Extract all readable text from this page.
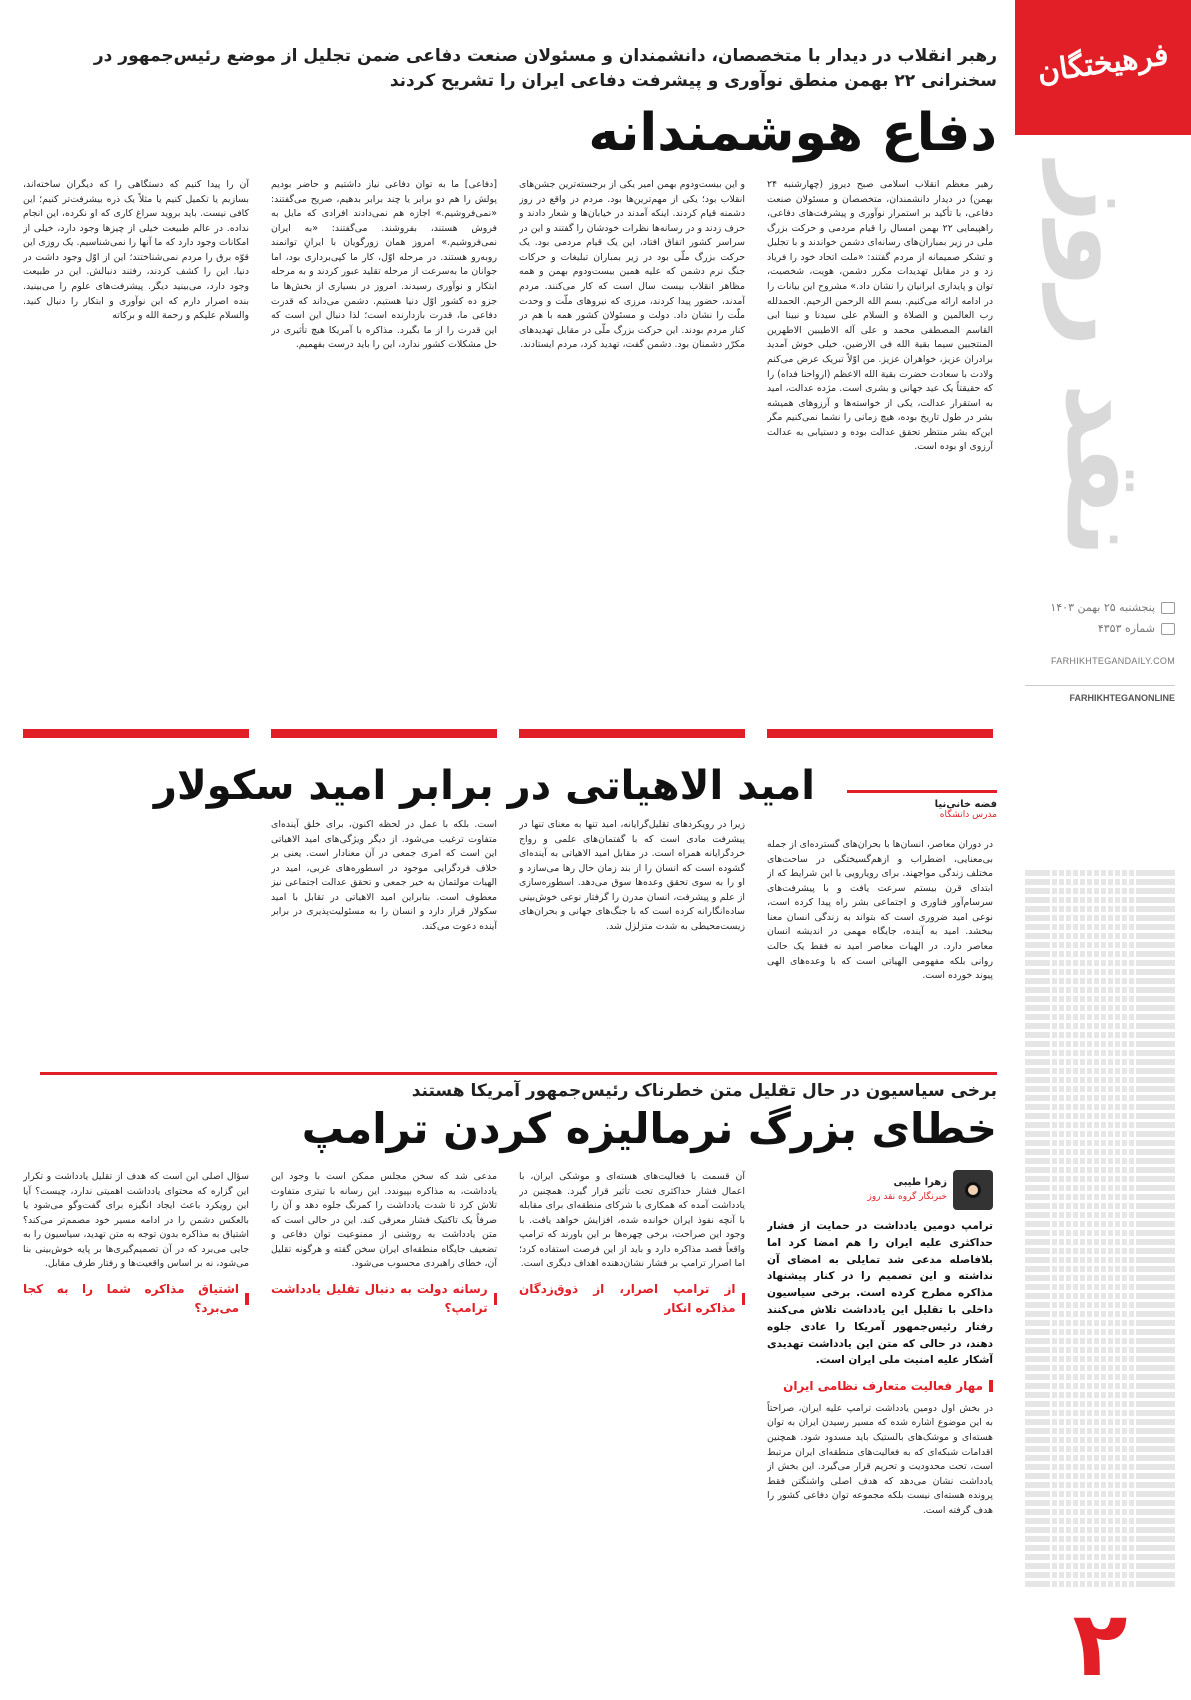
فرهیختگان
نقد روز
پنجشنبه ۲۵ بهمن ۱۴۰۳
شماره ۴۳۵۳
FARHIKHTEGANDAILY.COM
FARHIKHTEGANONLINE
۲
رهبر انقلاب در دیدار با متخصصان، دانشمندان و مسئولان صنعت دفاعی ضمن تجلیل از موضع رئیس‌جمهور در سخنرانی ۲۲ بهمن منطق نوآوری و پیشرفت دفاعی ایران را تشریح کردند
دفاع هوشمندانه

رهبر معظم انقلاب اسلامی صبح دیروز (چهارشنبه ۲۴ بهمن) در دیدار دانشمندان، متخصصان و مسئولان صنعت دفاعی، با تأکید بر استمرار نوآوری و پیشرفت‌های دفاعی، راهپیمایی ۲۲ بهمن امسال را قیام مردمی و حرکت بزرگ ملی در زیر بمباران‌های رسانه‌ای دشمن خواندند و با تجلیل و تشکر صمیمانه از مردم گفتند: «ملت اتحاد خود را فریاد زد و در مقابل تهدیدات مکرر دشمن، هویت، شخصیت، توان و پایداری ایرانیان را نشان داد.» مشروح این بیانات را در ادامه ارائه می‌کنیم. بسم الله الرحمن الرحیم. الحمدلله رب العالمین و الصلاة و السلام علی سیدنا و نبینا ابی القاسم المصطفی محمد و علی آله الاطیبین الاطهرین المنتجبین سیما بقیة الله فی الارضین. خیلی خوش آمدید برادران عزیز، خواهران عزیز. من اوّلاً تبریک عرض می‌کنم ولادت با سعادت حضرت بقیة الله الاعظم (ارواحنا فداه) را که حقیقتاً یک عید جهانی و بشری است. مژده عدالت، امید به استقرار عدالت، یکی از خواسته‌ها و آرزوهای همیشه بشر در طول تاریخ بوده، هیچ زمانی را نشما نمی‌کنیم مگر این‌که بشر منتظر تحقق عدالت بوده و دستیابی به عدالت آرزوی او بوده است.

و این بیست‌و‌دوم بهمن امیر یکی از برجسته‌ترین جشن‌های انقلاب بود؛ یکی از مهم‌ترین‌ها بود. مردم در واقع در روز دشمنه قیام کردند. اینکه آمدند در خیابان‌ها و شعار دادند و حرف زدند و در رسانه‌ها نظرات خودشان را گفتند و این در سراسر کشور اتفاق افتاد، این یک قیام مردمی بود. یک حرکت بزرگ ملّی بود در زیر بمباران تبلیغات و حرکات جنگ نرم دشمن که علیه همین بیست‌و‌دوم بهمن و همه مظاهر انقلاب بیست سال است که کار می‌کنند. مردم آمدند، حضور پیدا کردند، مرزی که نیروهای ملّت و وحدت ملّت را نشان داد. دولت و مسئولان کشور همه با هم در کنار مردم بودند. این حرکت بزرگ ملّی در مقابل تهدیدهای مکرّر دشمنان بود. دشمن گفت، تهدید کرد، مردم ایستادند.

[دفاعی] ما به توان دفاعی نیاز داشتیم و حاضر بودیم پولش را هم دو برابر یا چند برابر بدهیم، صریح می‌گفتند: «نمی‌فروشیم.» اجازه هم نمی‌دادند افرادی که مایل به فروش هستند، بفروشند. می‌گفتند: «به ایران نمی‌فروشیم.» امروز همان زورگویان با ایرانِ توانمند روبه‌رو هستند. در مرحله اوّل، کار ما کپی‌برداری بود، اما جوانان ما به‌سرعت از مرحله تقلید عبور کردند و به مرحله ابتکار و نوآوری رسیدند. امروز در بسیاری از بخش‌ها ما جزو ده کشور اوّل دنیا هستیم. دشمن می‌داند که قدرت دفاعی ما، قدرت بازدارنده است؛ لذا دنبال این است که این قدرت را از ما بگیرد. مذاکره با آمریکا هیچ تأثیری در حل مشکلات کشور ندارد، این را باید درست بفهمیم.

آن را پیدا کنیم که دستگاهی را که دیگران ساخته‌اند، بسازیم یا تکمیل کنیم یا مثلاً یک ذره بیشرفت‌تر کنیم؛ این کافی نیست. باید بروید سراغ کاری که او نکرده، این انجام نداده. در عالم طبیعت خیلی از چیزها وجود دارد، خیلی از امکانات وجود دارد که ما آنها را نمی‌شناسیم. یک روزی این قوّه برق را مردم نمی‌شناختند؛ این از اوّل وجود داشت در دنیا. این را کشف کردند، رفتند دنبالش. این در طبیعت وجود دارد، می‌بینید دیگر. پیشرفت‌های علوم را می‌بینید. بنده اصرار دارم که این نوآوری و ابتکار را دنبال کنید. والسلام علیکم و رحمة الله و برکاته

امید الاهیاتی در برابر امید سکولار	فضه خانی‌نیا
مدرس دانشگاه

در دوران معاصر، انسان‌ها با بحران‌های گسترده‌ای از جمله بی‌معنایی، اضطراب و ازهم‌گسیختگی در ساحت‌های مختلف زندگی مواجهند. برای رویارویی با این شرایط که از ابتدای قرن بیستم سرعت یافت و با پیشرفت‌های سرسام‌آور فناوری و اجتماعی بشر راه پیدا کرده است، نوعی امید ضروری است که بتواند به زندگی انسان معنا ببخشد. امید به آینده، جایگاه مهمی در اندیشه انسان معاصر دارد. در الهیات معاصر امید نه فقط یک حالت روانی بلکه مفهومی الهیاتی است که با وعده‌های الهی پیوند خورده است.

زیرا در رویکرد‌های تقلیل‌گرایانه، امید تنها به معنای تنها در پیشرفت مادی است که با گفتمان‌های علمی و رواج خردگرایانه همراه است. در مقابل امید الاهیاتی به آینده‌ای گشوده است که انسان را از بند زمان حال رها می‌سازد و او را به سوی تحقق وعده‌ها سوق می‌دهد. اسطوره‌سازی از علم و پیشرفت، انسان مدرن را گرفتار نوعی خوش‌بینی ساده‌انگارانه کرده است که با جنگ‌های جهانی و بحران‌های زیست‌محیطی به شدت متزلزل شد.

است. بلکه با عمل در لحظه اکنون، برای خلق آینده‌ای متفاوت ترغیب می‌شود. از دیگر ویژگی‌های امید الاهیاتی این است که امری جمعی در آن معنادار است. یعنی بر خلاف فردگرایی موجود در اسطوره‌های غربی، امید در الهیات مولتمان به خیر جمعی و تحقق عدالت اجتماعی نیز معطوف است. بنابراین امید الاهیاتی در تقابل با امید سکولار قرار دارد و انسان را به مسئولیت‌پذیری در برابر آینده دعوت می‌کند.

برخی سیاسیون در حال تقلیل متن خطرناک رئیس‌جمهور آمریکا هستند
خطای بزرگ نرمالیزه کردن ترامپ
زهرا طیبی
خبرنگار گروه نقد روز

ترامپ دومین یادداشت در حمایت از فشار حداکثری علیه ایران را هم امضا کرد اما بلافاصله مدعی شد تمایلی به امضای آن نداشته و این تصمیم را در کنار پیشنهاد مذاکره مطرح کرده است. برخی سیاسیون داخلی با تقلیل این یادداشت تلاش می‌کنند رفتار رئیس‌جمهور آمریکا را عادی جلوه دهند، در حالی که متن این یادداشت تهدیدی آشکار علیه امنیت ملی ایران است.

مهار فعالیت متعارف نظامی ایران

در بخش اول دومین یادداشت ترامپ علیه ایران، صراحتاً به این موضوع اشاره شده که مسیر رسیدن ایران به توان هسته‌ای و موشک‌های بالستیک باید مسدود شود. همچنین اقدامات شبکه‌ای که به فعالیت‌های منطقه‌ای ایران مرتبط است، تحت محدودیت و تحریم قرار می‌گیرد. این بخش از یادداشت نشان می‌دهد که هدف اصلی واشنگتن فقط پرونده هسته‌ای نیست بلکه مجموعه توان دفاعی کشور را هدف گرفته است.

آن قسمت با فعالیت‌های هسته‌ای و موشکی ایران، با اعمال فشار حداکثری تحت تأثیر قرار گیرد. همچنین در یادداشت آمده که همکاری با شرکای منطقه‌ای برای مقابله با آنچه نفوذ ایران خوانده شده، افزایش خواهد یافت. با وجود این صراحت، برخی چهره‌ها بر این باورند که ترامپ واقعاً قصد مذاکره دارد و باید از این فرصت استفاده کرد؛ اما اصرار ترامپ بر فشار نشان‌دهنده اهداف دیگری است.

از ترامپ اصرار، از ذوق‌زدگان مذاکره انکار

مدعی شد که سخن مجلس ممکن است با وجود این یادداشت، به مذاکره بپیوندد. این رسانه با تیتری متفاوت تلاش کرد تا شدت یادداشت را کمرنگ جلوه دهد و آن را صرفاً یک تاکتیک فشار معرفی کند. این در حالی است که متن یادداشت به روشنی از ممنوعیت توان دفاعی و تضعیف جایگاه منطقه‌ای ایران سخن گفته و هرگونه تقلیل آن، خطای راهبردی محسوب می‌شود.

رسانه دولت به دنبال تقلیل یادداشت ترامپ؟

سؤال اصلی این است که هدف از تقلیل یادداشت و تکرار این گزاره که محتوای یادداشت اهمیتی ندارد، چیست؟ آیا این رویکرد باعث ایجاد انگیزه برای گفت‌وگو می‌شود یا بالعکس دشمن را در ادامه مسیر خود مصمم‌تر می‌کند؟ اشتیاق به مذاکره بدون توجه به متن تهدید، سیاسیون را به جایی می‌برد که در آن تصمیم‌گیری‌ها بر پایه خوش‌بینی بنا می‌شود، نه بر اساس واقعیت‌ها و رفتار طرف مقابل.

اشتیاق مذاکره شما را به کجا می‌برد؟
